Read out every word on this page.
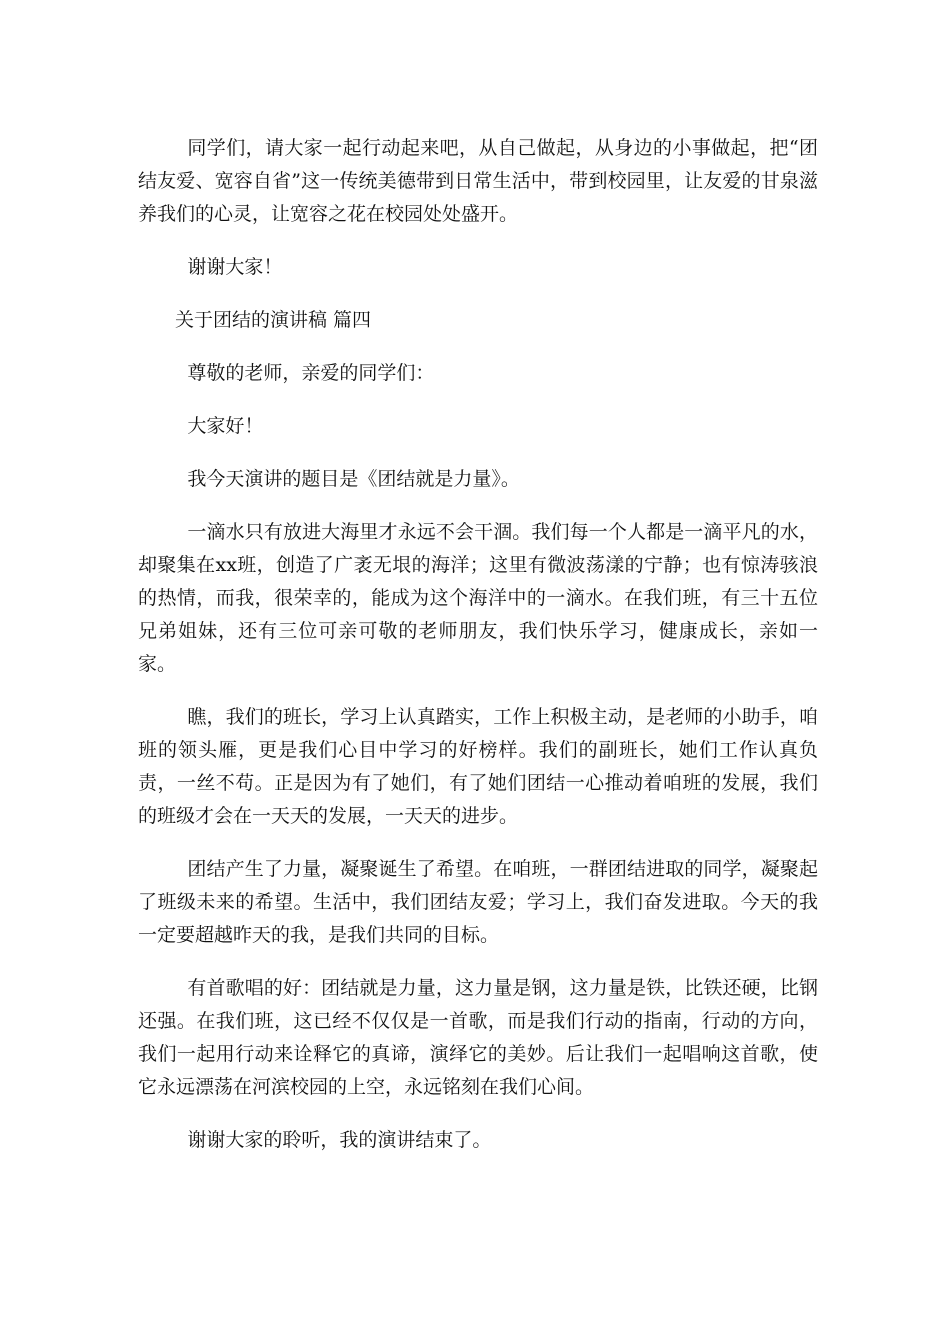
同学们，请大家一起行动起来吧，从自己做起，从身边的小事做起，把“团结友爱、宽容自省”这一传统美德带到日常生活中，带到校园里，让友爱的甘泉滋养我们的心灵，让宽容之花在校园处处盛开。

谢谢大家！

关于团结的演讲稿 篇四

尊敬的老师，亲爱的同学们：

大家好！

我今天演讲的题目是《团结就是力量》。

一滴水只有放进大海里才永远不会干涸。我们每一个人都是一滴平凡的水，却聚集在xx班，创造了广袤无垠的海洋；这里有微波荡漾的宁静；也有惊涛骇浪的热情，而我，很荣幸的，能成为这个海洋中的一滴水。在我们班，有三十五位兄弟姐妹，还有三位可亲可敬的老师朋友，我们快乐学习，健康成长，亲如一家。

瞧，我们的班长，学习上认真踏实，工作上积极主动，是老师的小助手，咱班的领头雁，更是我们心目中学习的好榜样。我们的副班长，她们工作认真负责，一丝不苟。正是因为有了她们，有了她们团结一心推动着咱班的发展，我们的班级才会在一天天的发展，一天天的进步。

团结产生了力量，凝聚诞生了希望。在咱班，一群团结进取的同学，凝聚起了班级未来的希望。生活中，我们团结友爱；学习上，我们奋发进取。今天的我一定要超越昨天的我，是我们共同的目标。

有首歌唱的好：团结就是力量，这力量是钢，这力量是铁，比铁还硬，比钢还强。在我们班，这已经不仅仅是一首歌，而是我们行动的指南，行动的方向，我们一起用行动来诠释它的真谛，演绎它的美妙。后让我们一起唱响这首歌，使它永远漂荡在河滨校园的上空，永远铭刻在我们心间。

谢谢大家的聆听，我的演讲结束了。
